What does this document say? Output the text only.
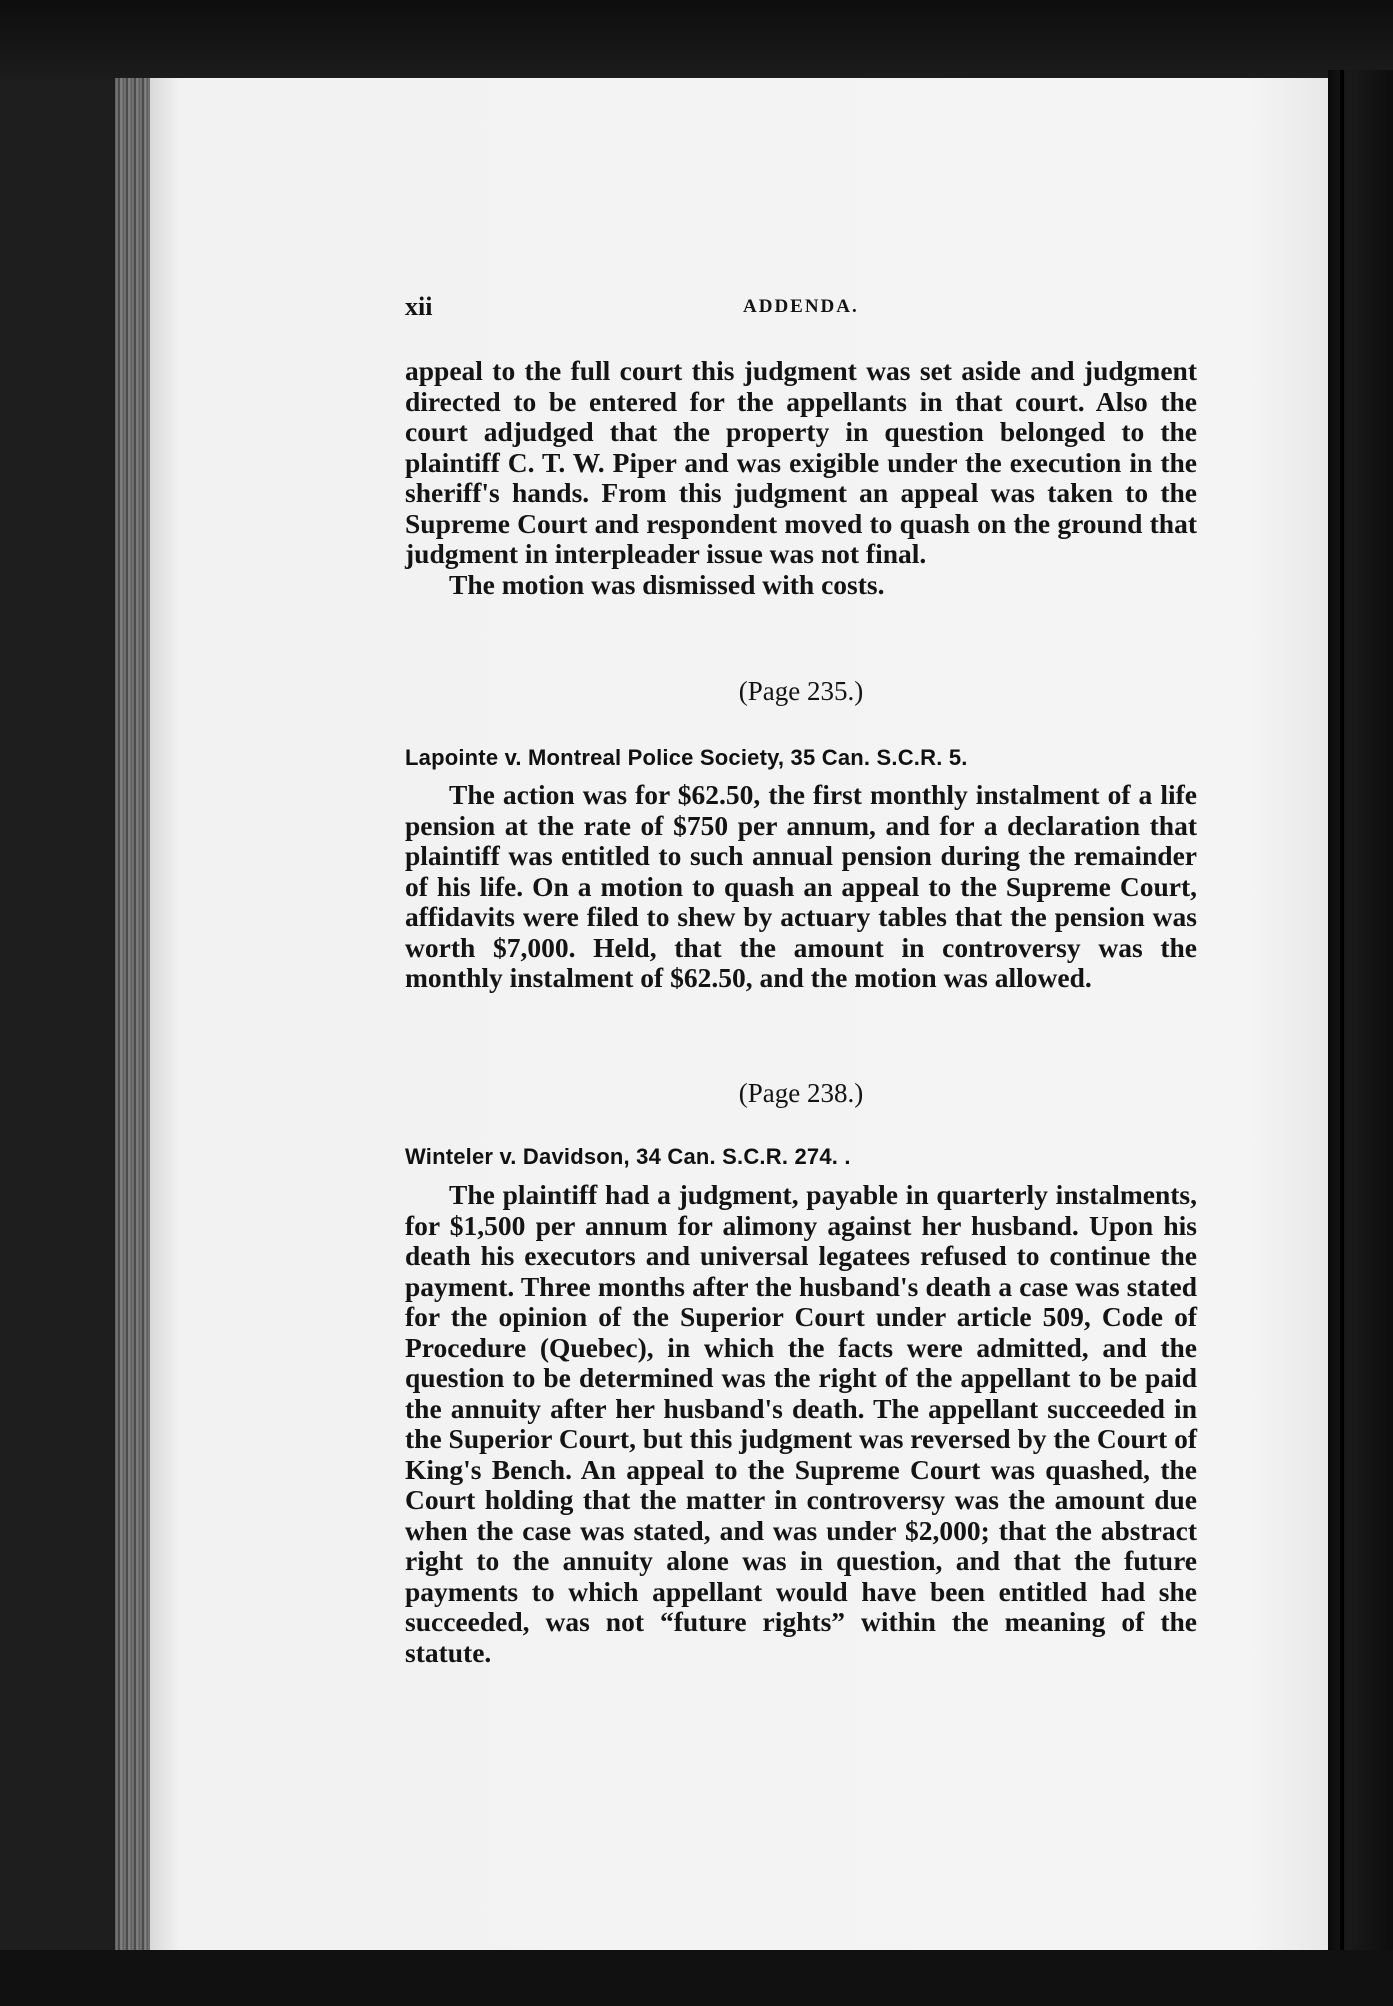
xii	ADDENDA.

appeal to the full court this judgment was set aside and judgment directed to be entered for the appellants in that court. Also the court adjudged that the property in question belonged to the plaintiff C. T. W. Piper and was exigible under the execution in the sheriff's hands. From this judgment an appeal was taken to the Supreme Court and respondent moved to quash on the ground that judgment in interpleader issue was not final.

The motion was dismissed with costs.

(Page 235.)
Lapointe v. Montreal Police Society, 35 Can. S.C.R. 5.

The action was for $62.50, the first monthly instalment of a life pension at the rate of $750 per annum, and for a declaration that plaintiff was entitled to such annual pension during the remainder of his life. On a motion to quash an appeal to the Supreme Court, affidavits were filed to shew by actuary tables that the pension was worth $7,000. Held, that the amount in controversy was the monthly instalment of $62.50, and the motion was allowed.

(Page 238.)
Winteler v. Davidson, 34 Can. S.C.R. 274. .

The plaintiff had a judgment, payable in quarterly instalments, for $1,500 per annum for alimony against her husband. Upon his death his executors and universal legatees refused to continue the payment. Three months after the husband's death a case was stated for the opinion of the Superior Court under article 509, Code of Procedure (Quebec), in which the facts were admitted, and the question to be determined was the right of the appellant to be paid the annuity after her husband's death. The appellant succeeded in the Superior Court, but this judgment was reversed by the Court of King's Bench. An appeal to the Supreme Court was quashed, the Court holding that the matter in controversy was the amount due when the case was stated, and was under $2,000; that the abstract right to the annuity alone was in question, and that the future payments to which appellant would have been entitled had she succeeded, was not “future rights” within the meaning of the statute.
